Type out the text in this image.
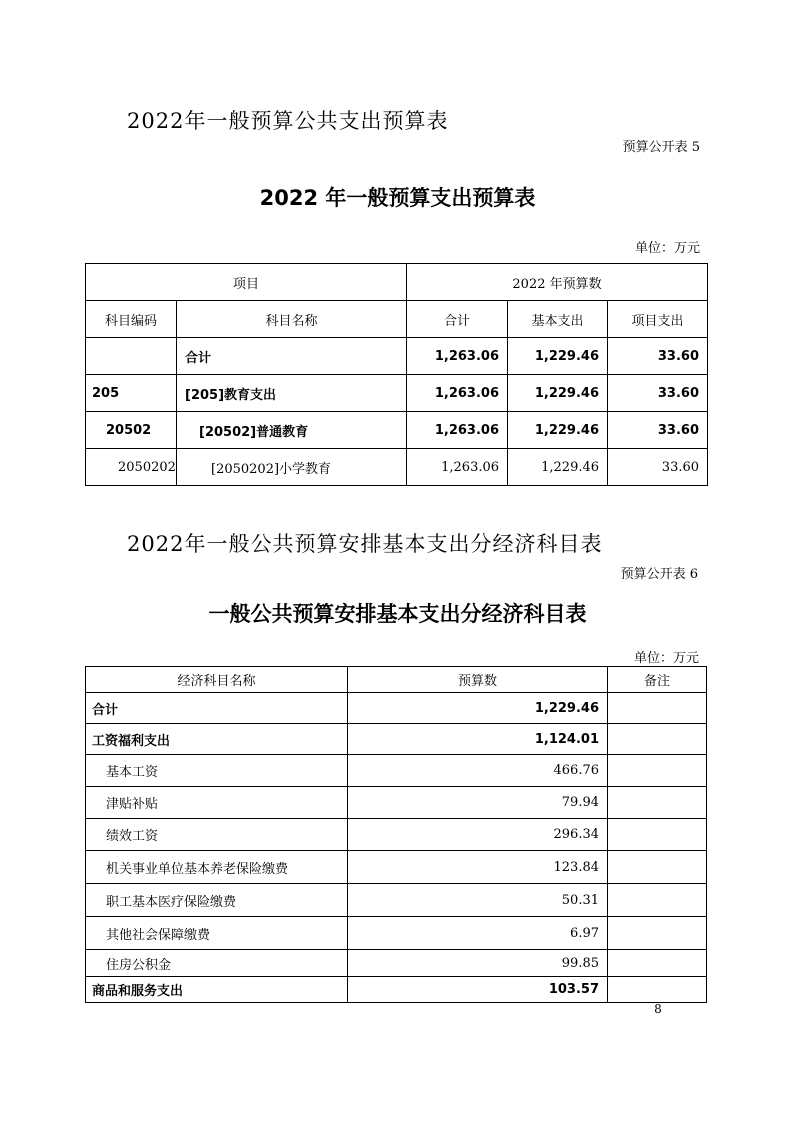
2022年一般预算公共支出预算表
预算公开表 5
2022 年一般预算支出预算表
单位：万元
项目		2022 年预算数		
科目编码	科目名称	合计	基本支出	项目支出
	合计	1,263.06	1,229.46	33.60
205	[205]教育支出	1,263.06	1,229.46	33.60
20502	[20502]普通教育	1,263.06	1,229.46	33.60
2050202	[2050202]小学教育	1,263.06	1,229.46	33.60
2022年一般公共预算安排基本支出分经济科目表
预算公开表 6
一般公共预算安排基本支出分经济科目表
单位：万元
经济科目名称	预算数	备注
合计	1,229.46	
工资福利支出	1,124.01	
基本工资	466.76	
津贴补贴	79.94	
绩效工资	296.34	
机关事业单位基本养老保险缴费	123.84	
职工基本医疗保险缴费	50.31	
其他社会保障缴费	6.97	
住房公积金	99.85	
商品和服务支出	103.57	
8
